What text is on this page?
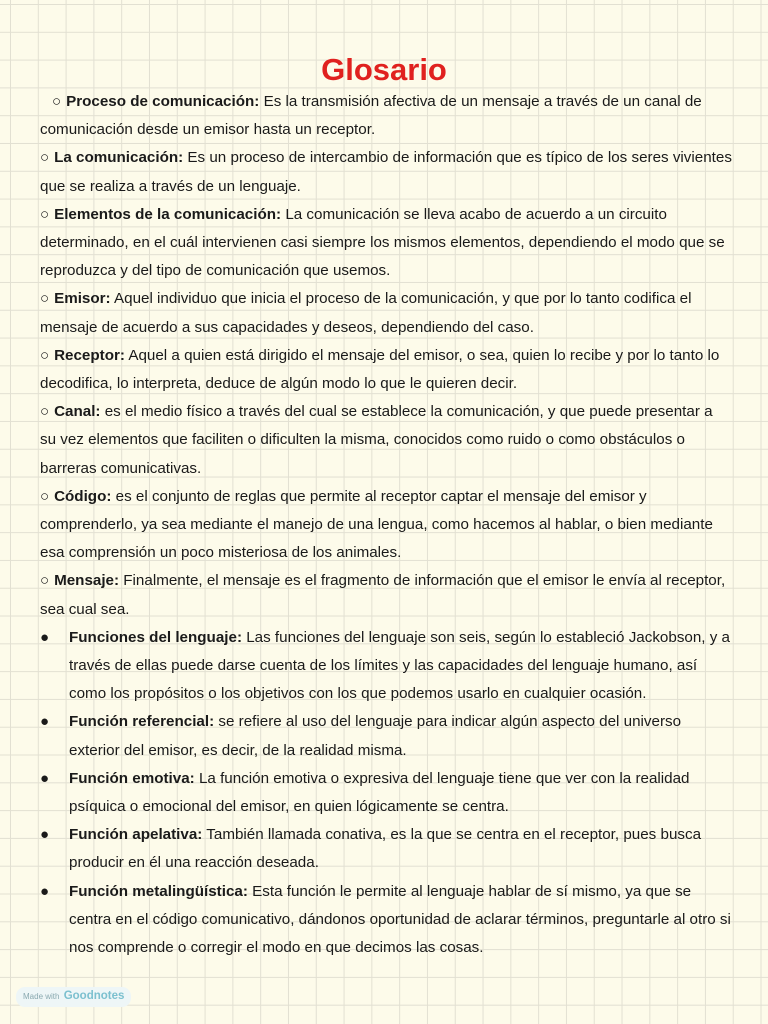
Glosario

○ Proceso de comunicación: Es la transmisión afectiva de un mensaje a través de un canal de comunicación desde un emisor hasta un receptor.

○ La comunicación: Es un proceso de intercambio de información que es típico de los seres vivientes que se realiza a través de un lenguaje.

○ Elementos de la comunicación: La comunicación se lleva acabo de acuerdo a un circuito determinado, en el cuál intervienen casi siempre los mismos elementos, dependiendo el modo que se reproduzca y del tipo de comunicación que usemos.

○ Emisor: Aquel individuo que inicia el proceso de la comunicación, y que por lo tanto codifica el mensaje de acuerdo a sus capacidades y deseos, dependiendo del caso.

○ Receptor: Aquel a quien está dirigido el mensaje del emisor, o sea, quien lo recibe y por lo tanto lo decodifica, lo interpreta, deduce de algún modo lo que le quieren decir.

○ Canal: es el medio físico a través del cual se establece la comunicación, y que puede presentar a su vez elementos que faciliten o dificulten la misma, conocidos como ruido o como obstáculos o barreras comunicativas.

○ Código: es el conjunto de reglas que permite al receptor captar el mensaje del emisor y comprenderlo, ya sea mediante el manejo de una lengua, como hacemos al hablar, o bien mediante esa comprensión un poco misteriosa de los animales.

○ Mensaje: Finalmente, el mensaje es el fragmento de información que el emisor le envía al receptor, sea cual sea.

● Funciones del lenguaje: Las funciones del lenguaje son seis, según lo estableció Jackobson, y a través de ellas puede darse cuenta de los límites y las capacidades del lenguaje humano, así como los propósitos o los objetivos con los que podemos usarlo en cualquier ocasión.

● Función referencial: se refiere al uso del lenguaje para indicar algún aspecto del universo exterior del emisor, es decir, de la realidad misma.

● Función emotiva: La función emotiva o expresiva del lenguaje tiene que ver con la realidad psíquica o emocional del emisor, en quien lógicamente se centra.

● Función apelativa: También llamada conativa, es la que se centra en el receptor, pues busca producir en él una reacción deseada.

● Función metalingüística: Esta función le permite al lenguaje hablar de sí mismo, ya que se centra en el código comunicativo, dándonos oportunidad de aclarar términos, preguntarle al otro si nos comprende o corregir el modo en que decimos las cosas.

Made with Goodnotes
